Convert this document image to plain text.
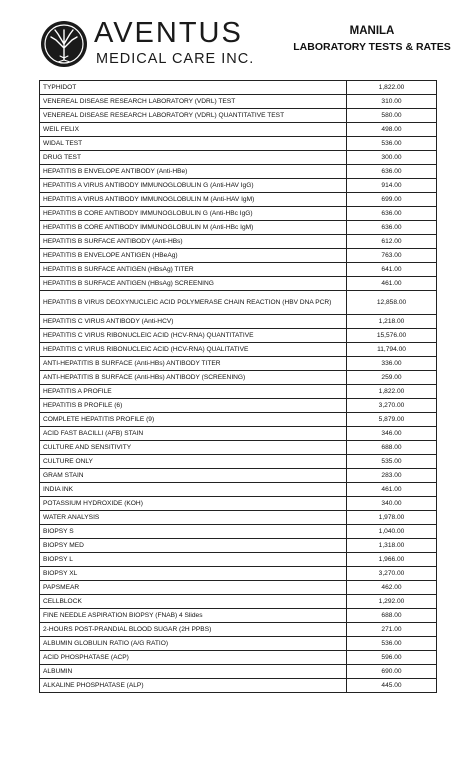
AVENTUS
MEDICAL CARE INC.
MANILA
LABORATORY TESTS & RATES
TYPHIDOT	1,822.00
VENEREAL DISEASE RESEARCH LABORATORY (VDRL) TEST	310.00
VENEREAL DISEASE RESEARCH LABORATORY (VDRL) QUANTITATIVE TEST	580.00
WEIL FELIX	498.00
WIDAL TEST	536.00
DRUG TEST	300.00
HEPATITIS B ENVELOPE ANTIBODY (Anti-HBe)	636.00
HEPATITIS A VIRUS ANTIBODY IMMUNOGLOBULIN G (Anti-HAV IgG)	914.00
HEPATITIS A VIRUS ANTIBODY IMMUNOGLOBULIN M (Anti-HAV IgM)	699.00
HEPATITIS B CORE ANTIBODY IMMUNOGLOBULIN G (Anti-HBc IgG)	636.00
HEPATITIS B CORE ANTIBODY IMMUNOGLOBULIN M (Anti-HBc IgM)	636.00
HEPATITIS B SURFACE ANTIBODY (Anti-HBs)	612.00
HEPATITIS B ENVELOPE ANTIGEN (HBeAg)	763.00
HEPATITIS B SURFACE ANTIGEN (HBsAg) TITER	641.00
HEPATITIS B SURFACE ANTIGEN (HBsAg) SCREENING	461.00
HEPATITIS B VIRUS DEOXYNUCLEIC ACID POLYMERASE CHAIN REACTION (HBV DNA PCR)	12,858.00
HEPATITIS C VIRUS ANTIBODY (Anti-HCV)	1,218.00
HEPATITIS C VIRUS RIBONUCLEIC ACID (HCV-RNA) QUANTITATIVE	15,576.00
HEPATITIS C VIRUS RIBONUCLEIC ACID (HCV-RNA) QUALITATIVE	11,794.00
ANTI-HEPATITIS B SURFACE (Anti-HBs) ANTIBODY TITER	336.00
ANTI-HEPATITIS B SURFACE (Anti-HBs) ANTIBODY (SCREENING)	259.00
HEPATITIS A PROFILE	1,822.00
HEPATITIS B PROFILE (6)	3,270.00
COMPLETE HEPATITIS PROFILE (9)	5,879.00
ACID FAST BACILLI (AFB) STAIN	346.00
CULTURE AND SENSITIVITY	688.00
CULTURE ONLY	535.00
GRAM STAIN	283.00
INDIA INK	461.00
POTASSIUM HYDROXIDE (KOH)	340.00
WATER ANALYSIS	1,978.00
BIOPSY S	1,040.00
BIOPSY MED	1,318.00
BIOPSY L	1,966.00
BIOPSY XL	3,270.00
PAPSMEAR	462.00
CELLBLOCK	1,292.00
FINE NEEDLE ASPIRATION BIOPSY (FNAB) 4 Slides	688.00
2-HOURS POST-PRANDIAL BLOOD SUGAR (2H PPBS)	271.00
ALBUMIN GLOBULIN RATIO (A/G RATIO)	536.00
ACID PHOSPHATASE (ACP)	596.00
ALBUMIN	690.00
ALKALINE PHOSPHATASE (ALP)	445.00
